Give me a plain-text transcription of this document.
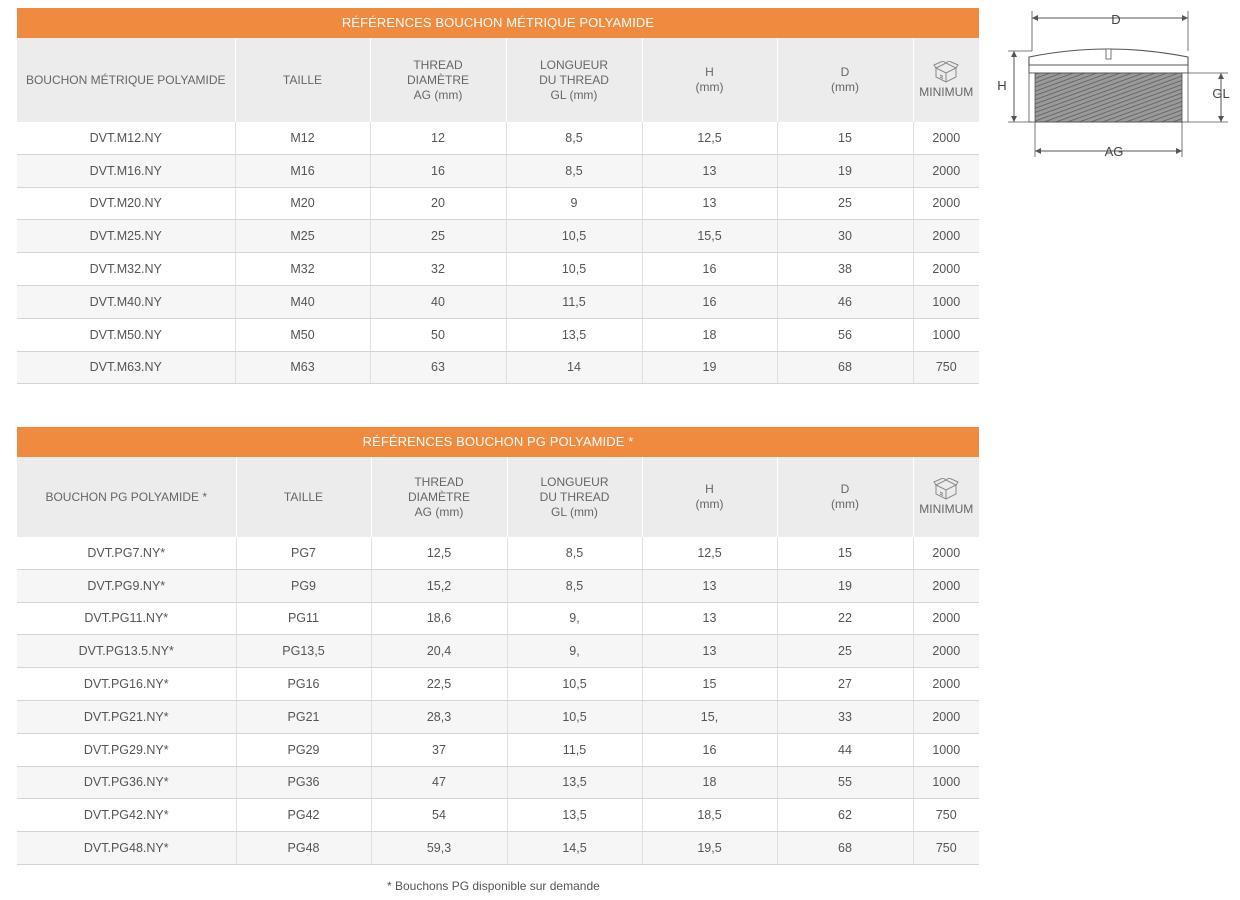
RÉFÉRENCES BOUCHON MÉTRIQUE POLYAMIDE
BOUCHON MÉTRIQUE POLYAMIDE	TAILLE	THREAD
DIAMÈTRE
AG (mm)	LONGUEUR
DU THREAD
GL (mm)	H
(mm)	D
(mm)	MINIMUM

DVT.M12.NY	M12	12	8,5	12,5	15	2000
DVT.M16.NY	M16	16	8,5	13	19	2000
DVT.M20.NY	M20	20	9	13	25	2000
DVT.M25.NY	M25	25	10,5	15,5	30	2000
DVT.M32.NY	M32	32	10,5	16	38	2000
DVT.M40.NY	M40	40	11,5	16	46	1000
DVT.M50.NY	M50	50	13,5	18	56	1000
DVT.M63.NY	M63	63	14	19	68	750
RÉFÉRENCES BOUCHON PG POLYAMIDE *
BOUCHON PG POLYAMIDE *	TAILLE	THREAD
DIAMÈTRE
AG (mm)	LONGUEUR
DU THREAD
GL (mm)	H
(mm)	D
(mm)	MINIMUM

DVT.PG7.NY*	PG7	12,5	8,5	12,5	15	2000
DVT.PG9.NY*	PG9	15,2	8,5	13	19	2000
DVT.PG11.NY*	PG11	18,6	9,	13	22	2000
DVT.PG13.5.NY*	PG13,5	20,4	9,	13	25	2000
DVT.PG16.NY*	PG16	22,5	10,5	15	27	2000
DVT.PG21.NY*	PG21	28,3	10,5	15,	33	2000
DVT.PG29.NY*	PG29	37	11,5	16	44	1000
DVT.PG36.NY*	PG36	47	13,5	18	55	1000
DVT.PG42.NY*	PG42	54	13,5	18,5	62	750
DVT.PG48.NY*	PG48	59,3	14,5	19,5	68	750
* Bouchons PG disponible sur demande
D
H
GL
AG
